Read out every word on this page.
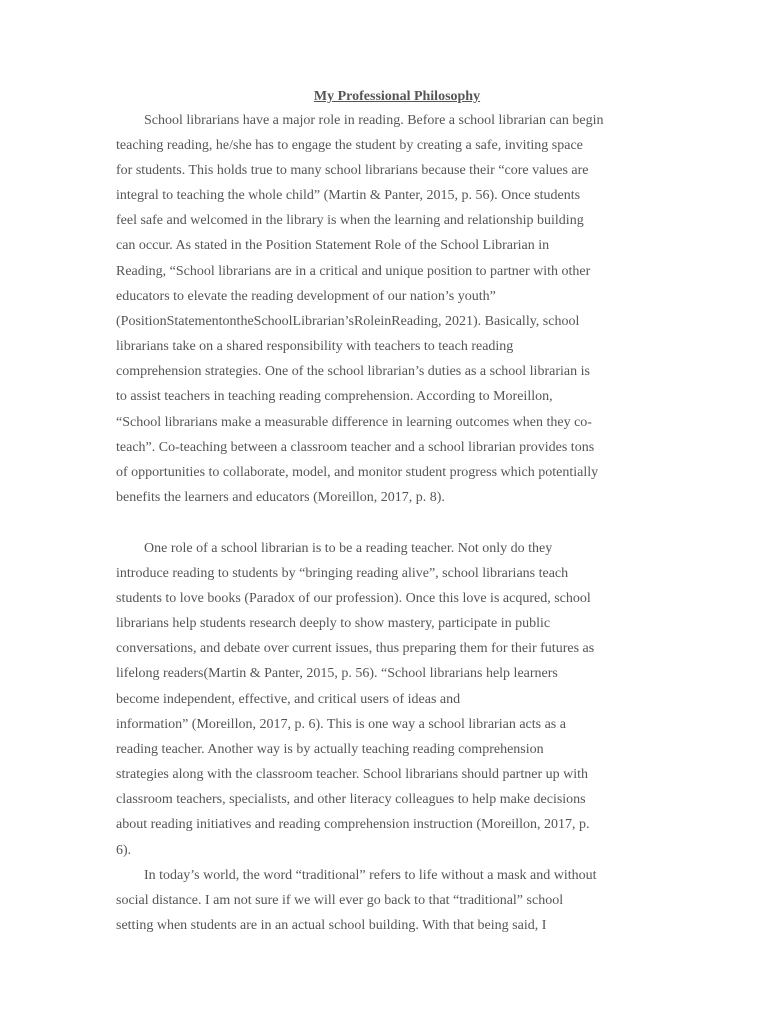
My Professional Philosophy
School librarians have a major role in reading. Before a school librarian can begin
teaching reading, he/she has to engage the student by creating a safe, inviting space
for students. This holds true to many school librarians because their “core values are
integral to teaching the whole child” (Martin & Panter, 2015, p. 56). Once students
feel safe and welcomed in the library is when the learning and relationship building
can occur. As stated in the Position Statement Role of the School Librarian in
Reading, “School librarians are in a critical and unique position to partner with other
educators to elevate the reading development of our nation’s youth”
(PositionStatementontheSchoolLibrarian’sRoleinReading, 2021). Basically, school
librarians take on a shared responsibility with teachers to teach reading
comprehension strategies. One of the school librarian’s duties as a school librarian is
to assist teachers in teaching reading comprehension. According to Moreillon,
“School librarians make a measurable difference in learning outcomes when they co-
teach”. Co-teaching between a classroom teacher and a school librarian provides tons
of opportunities to collaborate, model, and monitor student progress which potentially
benefits the learners and educators (Moreillon, 2017, p. 8).
One role of a school librarian is to be a reading teacher. Not only do they
introduce reading to students by “bringing reading alive”, school librarians teach
students to love books (Paradox of our profession). Once this love is acqured, school
librarians help students research deeply to show mastery, participate in public
conversations, and debate over current issues, thus preparing them for their futures as
lifelong readers(Martin & Panter, 2015, p. 56). “School librarians help learners
become independent, effective, and critical users of ideas and
information” (Moreillon, 2017, p. 6). This is one way a school librarian acts as a
reading teacher. Another way is by actually teaching reading comprehension
strategies along with the classroom teacher. School librarians should partner up with
classroom teachers, specialists, and other literacy colleagues to help make decisions
about reading initiatives and reading comprehension instruction (Moreillon, 2017, p.
6).
In today’s world, the word “traditional” refers to life without a mask and without
social distance. I am not sure if we will ever go back to that “traditional” school
setting when students are in an actual school building. With that being said, I
